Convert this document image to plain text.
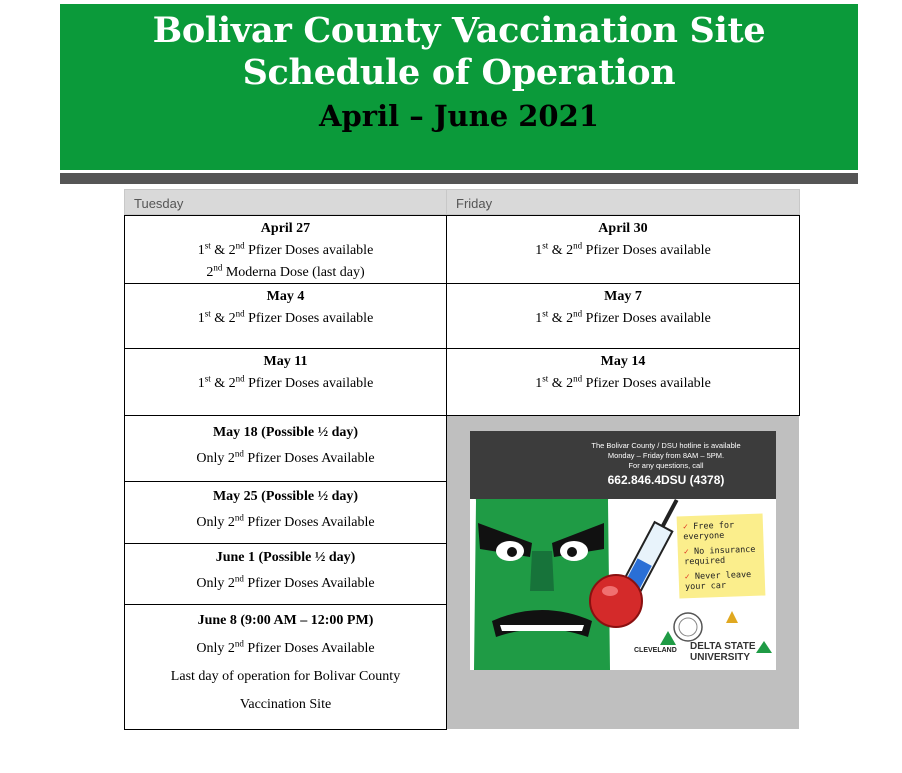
Bolivar County Vaccination Site
Schedule of Operation
April – June 2021
Tuesday	Friday
April 27
1st & 2nd Pfizer Doses available
2nd Moderna Dose (last day)
May 4
1st & 2nd Pfizer Doses available
May 11
1st & 2nd Pfizer Doses available
May 18 (Possible ½ day)
Only 2nd Pfizer Doses Available
May 25 (Possible ½ day)
Only 2nd Pfizer Doses Available
June 1 (Possible ½ day)
Only 2nd Pfizer Doses Available
June 8 (9:00 AM – 12:00 PM)
Only 2nd Pfizer Doses Available
Last day of operation for Bolivar County
Vaccination Site
April 30
1st & 2nd Pfizer Doses available
May 7
1st & 2nd Pfizer Doses available
May 14
1st & 2nd Pfizer Doses available
The Bolivar County / DSU hotline is available
Monday – Friday from 8AM – 5PM.
For any questions, call
662.846.4DSU (4378)
✓ Free for everyone
✓ No insurance required
✓ Never leave your car
CLEVELAND DELTA STATE
UNIVERSITY
